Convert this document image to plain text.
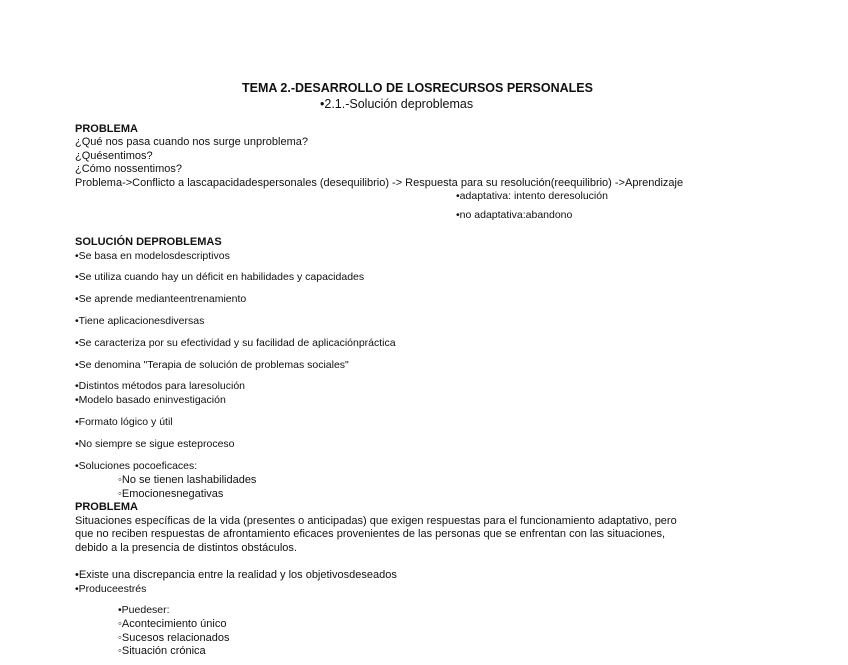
TEMA 2.-DESARROLLO DE LOSRECURSOS PERSONALES
•2.1.-Solución deproblemas
PROBLEMA
¿Qué nos pasa cuando nos surge unproblema?
¿Quésentimos?
¿Cómo nossentimos?
Problema->Conflicto a lascapacidadespersonales (desequilibrio) -> Respuesta para su resolución(reequilibrio) ->Aprendizaje
•adaptativa: intento deresolución
•no adaptativa:abandono
SOLUCIÓN DEPROBLEMAS
•Se basa en modelosdescriptivos
•Se utiliza cuando hay un déficit en habilidades y capacidades
•Se aprende medianteentrenamiento
•Tiene aplicacionesdiversas
•Se caracteriza por su efectividad y su facilidad de aplicaciónpráctica
•Se denomina "Terapia de solución de problemas sociales"
•Distintos métodos para laresolución
•Modelo basado eninvestigación
•Formato lógico y útil
•No siempre se sigue esteproceso
•Soluciones pocoeficaces:
◦No se tienen lashabilidades
◦Emocionesnegativas
PROBLEMA
Situaciones específicas de la vida (presentes o anticipadas) que exigen respuestas para el funcionamiento adaptativo, pero
que no reciben respuestas de afrontamiento eficaces provenientes de las personas que se enfrentan con las situaciones,
debido a la presencia de distintos obstáculos.
•Existe una discrepancia entre la realidad y los objetivosdeseados
•Produceestrés
•Puedeser:
◦Acontecimiento único
◦Sucesos relacionados
◦Situación crónica
